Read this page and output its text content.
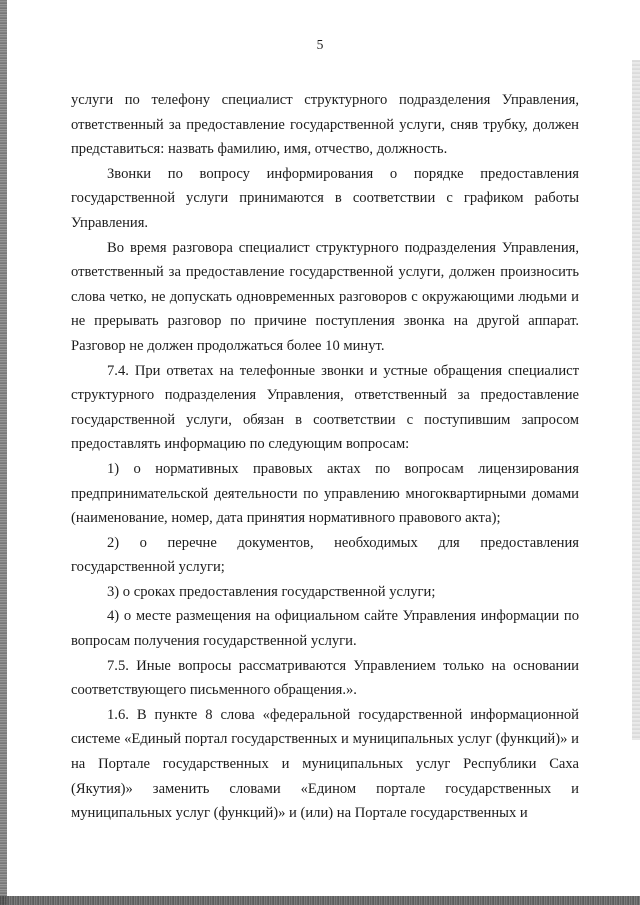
5

услуги по телефону специалист структурного подразделения Управления, ответственный за предоставление государственной услуги, сняв трубку, должен представиться: назвать фамилию, имя, отчество, должность.

Звонки по вопросу информирования о порядке предоставления государственной услуги принимаются в соответствии с графиком работы Управления.

Во время разговора специалист структурного подразделения Управления, ответственный за предоставление государственной услуги, должен произносить слова четко, не допускать одновременных разговоров с окружающими людьми и не прерывать разговор по причине поступления звонка на другой аппарат. Разговор не должен продолжаться более 10 минут.

7.4. При ответах на телефонные звонки и устные обращения специалист структурного подразделения Управления, ответственный за предоставление государственной услуги, обязан в соответствии с поступившим запросом предоставлять информацию по следующим вопросам:

1) о нормативных правовых актах по вопросам лицензирования предпринимательской деятельности по управлению многоквартирными домами (наименование, номер, дата принятия нормативного правового акта);

2) о перечне документов, необходимых для предоставления государственной услуги;

3) о сроках предоставления государственной услуги;

4) о месте размещения на официальном сайте Управления информации по вопросам получения государственной услуги.

7.5. Иные вопросы рассматриваются Управлением только на основании соответствующего письменного обращения.».

1.6. В пункте 8 слова «федеральной государственной информационной системе «Единый портал государственных и муниципальных услуг (функций)» и на Портале государственных и муниципальных услуг Республики Саха (Якутия)» заменить словами «Едином портале государственных и муниципальных услуг (функций)» и (или) на Портале государственных и
